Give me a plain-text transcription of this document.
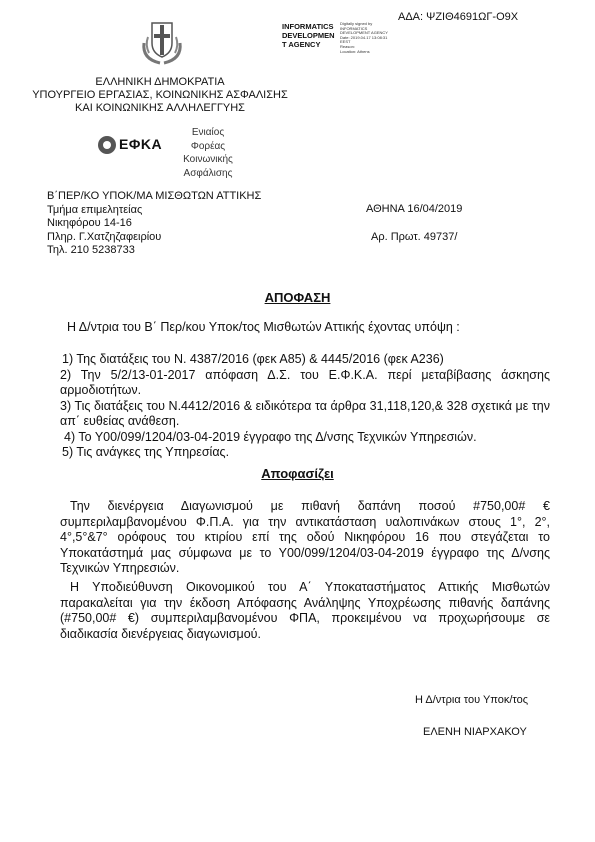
ΑΔΑ: ΨΖΙΘ4691ΩΓ-Ο9Χ
INFORMATICS
DEVELOPMEN
T AGENCY
Digitally signed by
INFORMATICS
DEVELOPMENT AGENCY
Date: 2019.04.17 13:08:31
EEST
Reason:
Location: Athens
ΕΛΛΗΝΙΚΗ ΔΗΜΟΚΡΑΤΙΑ
ΥΠΟΥΡΓΕΙΟ ΕΡΓΑΣΙΑΣ, ΚΟΙΝΩΝΙΚΗΣ ΑΣΦΑΛΙΣΗΣ
ΚΑΙ ΚΟΙΝΩΝΙΚΗΣ ΑΛΛΗΛΕΓΓΥΗΣ
ΕΦΚΑ
Ενιαίος
Φορέας
Κοινωνικής
Ασφάλισης
Β΄ΠΕΡ/ΚΟ ΥΠΟΚ/ΜΑ ΜΙΣΘΩΤΩΝ ΑΤΤΙΚΗΣ
Τμήμα επιμελητείας
Νικηφόρου 14-16
Πληρ. Γ.Χατζηζαφειρίου
Τηλ. 210 5238733
ΑΘΗΝΑ 16/04/2019
Αρ. Πρωτ. 49737/
ΑΠΟΦΑΣΗ
Η Δ/ντρια του Β΄ Περ/κου Υποκ/τος Μισθωτών Αττικής έχοντας υπόψη :
1) Της διατάξεις του Ν. 4387/2016 (φεκ Α85) & 4445/2016 (φεκ Α236)
2) Την 5/2/13-01-2017 απόφαση Δ.Σ. του Ε.Φ.Κ.Α. περί μεταβίβασης άσκησης αρμοδιοτήτων.
3) Τις διατάξεις του Ν.4412/2016 & ειδικότερα τα άρθρα 31,118,120,& 328 σχετικά με την απ΄ ευθείας ανάθεση.
4) Το Υ00/099/1204/03-04-2019 έγγραφο της Δ/νσης Τεχνικών Υπηρεσιών.
5) Τις ανάγκες της Υπηρεσίας.
Αποφασίζει
Την διενέργεια Διαγωνισμού με πιθανή δαπάνη ποσού #750,00# € συμπεριλαμβανομένου Φ.Π.Α. για την αντικατάσταση υαλοπινάκων στους 1°, 2°, 4°,5°&7° ορόφους του κτιρίου επί της οδού Νικηφόρου 16 που στεγάζεται το Υποκατάστημά μας σύμφωνα με το Υ00/099/1204/03-04-2019 έγγραφο της Δ/νσης Τεχνικών Υπηρεσιών.
Η Υποδιεύθυνση Οικονομικού του Α΄ Υποκαταστήματος Αττικής Μισθωτών παρακαλείται για την έκδοση Απόφασης Ανάληψης Υποχρέωσης πιθανής δαπάνης (#750,00# €) συμπεριλαμβανομένου ΦΠΑ, προκειμένου να προχωρήσουμε σε διαδικασία διενέργειας διαγωνισμού.
Η Δ/ντρια του Υποκ/τος
ΕΛΕΝΗ ΝΙΑΡΧΑΚΟΥ
